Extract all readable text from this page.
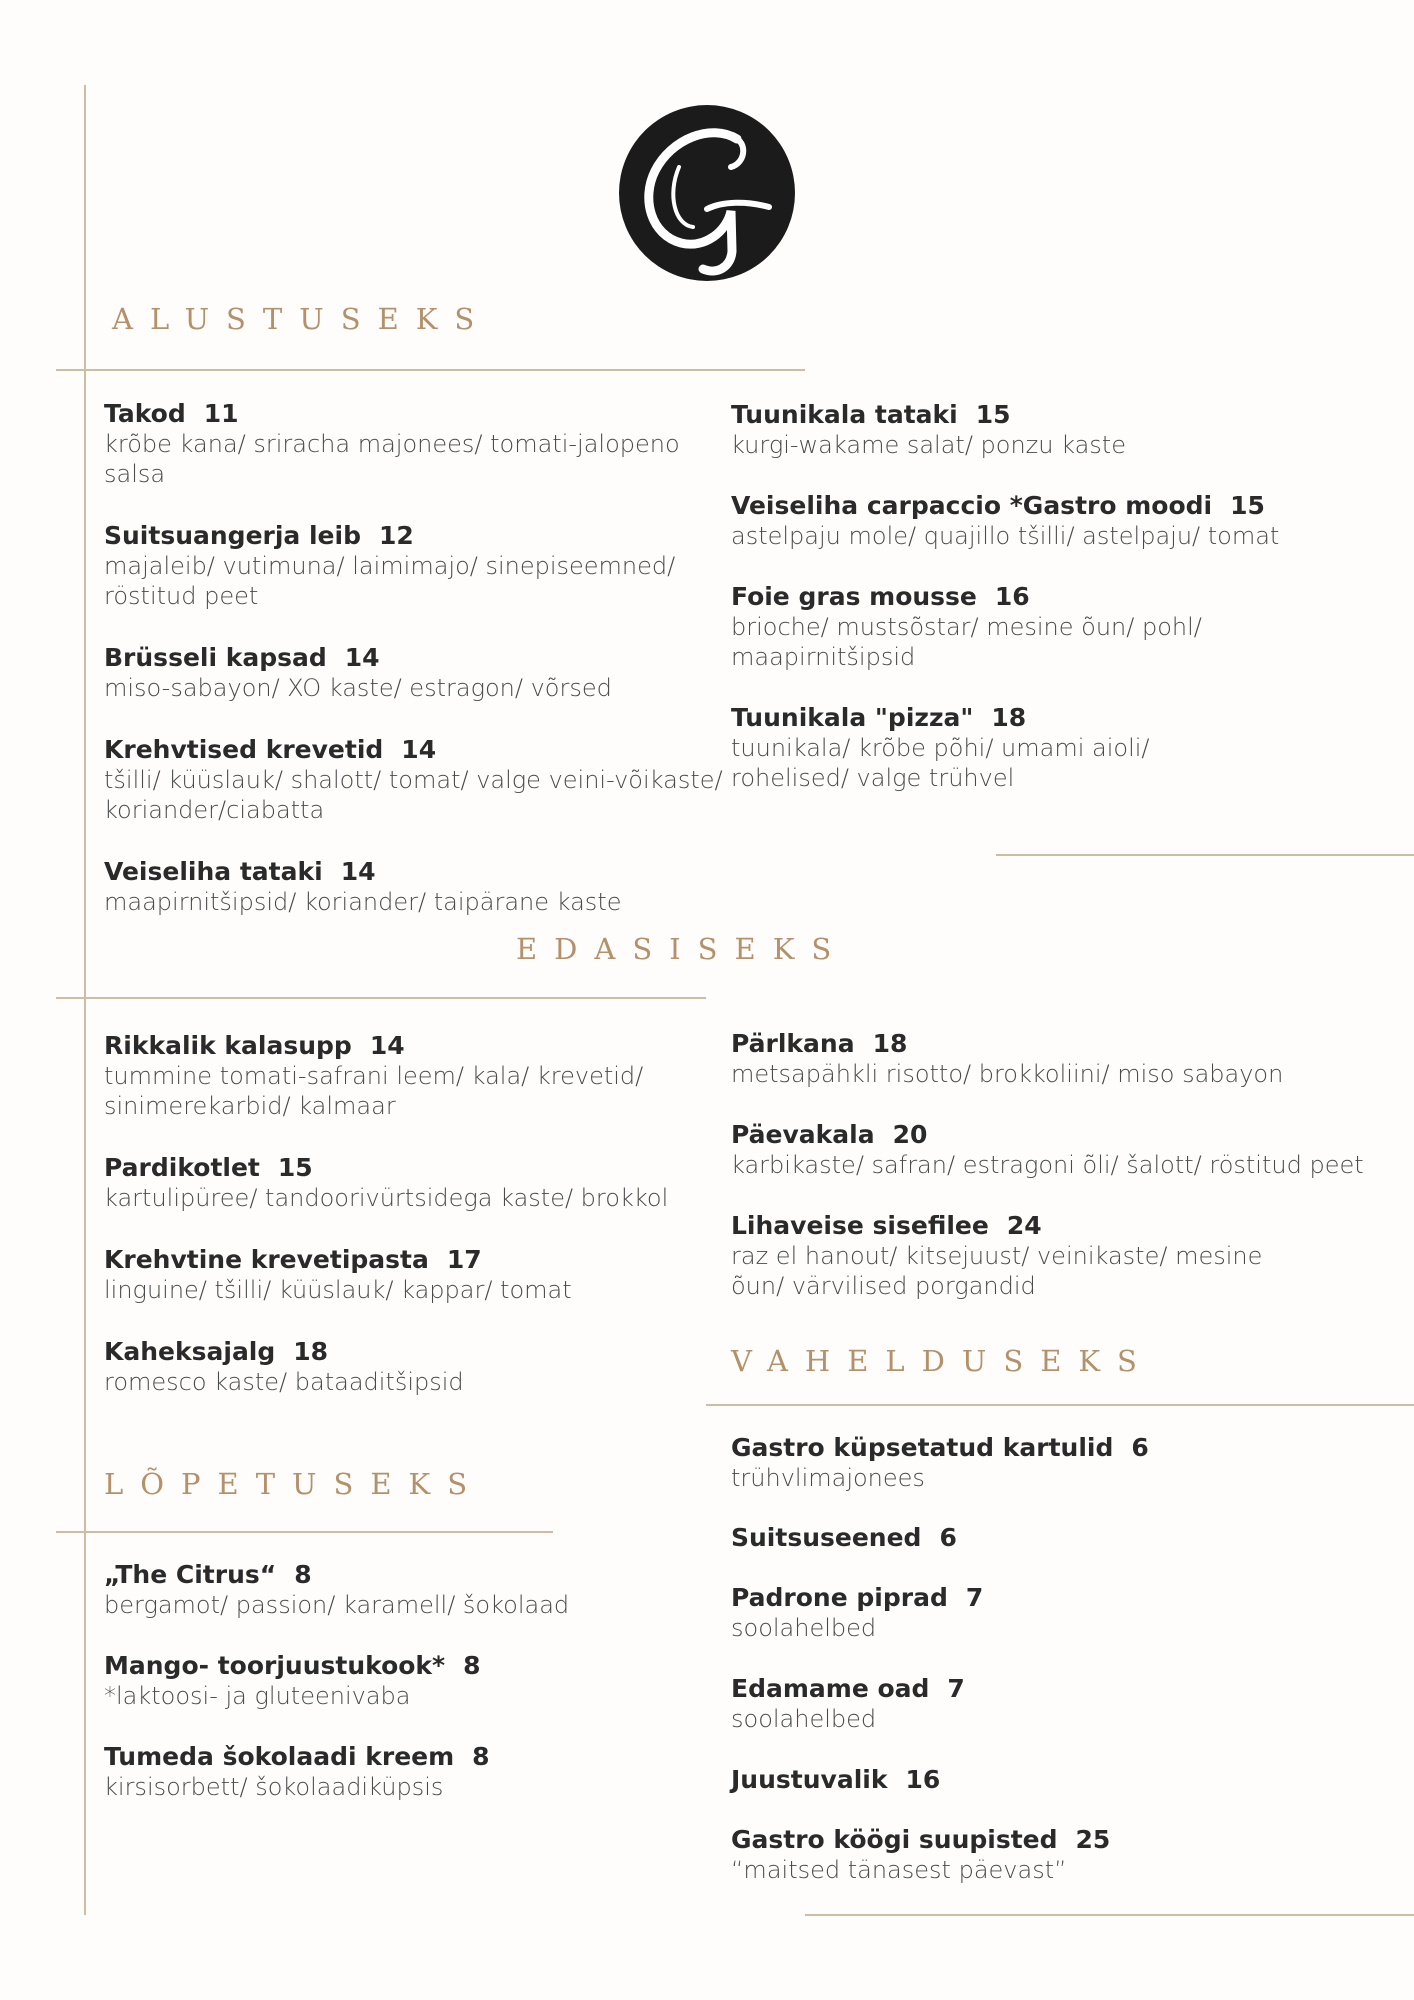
ALUSTUSEKS
Takod 11
krõbe kana/ sriracha majonees/ tomati-jalopeno salsa
Suitsuangerja leib 12
majaleib/ vutimuna/ laimimajo/ sinepiseemned/ röstitud peet
Brüsseli kapsad 14
miso-sabayon/ XO kaste/ estragon/ võrsed
Krehvtised krevetid 14
tšilli/ küüslauk/ shalott/ tomat/ valge veini-võikaste/ koriander/ciabatta
Veiseliha tataki 14
maapirnitšipsid/ koriander/ taipärane kaste
Tuunikala tataki 15
kurgi-wakame salat/ ponzu kaste
Veiseliha carpaccio *Gastro moodi 15
astelpaju mole/ quajillo tšilli/ astelpaju/ tomat
Foie gras mousse 16
brioche/ mustsõstar/ mesine õun/ pohl/ maapirnitšipsid
Tuunikala "pizza" 18
tuunikala/ krõbe põhi/ umami aioli/ rohelised/ valge trühvel
EDASISEKS
Rikkalik kalasupp 14
tummine tomati-safrani leem/ kala/ krevetid/ sinimerekarbid/ kalmaar
Pardikotlet 15
kartulipüree/ tandoorivürtsidega kaste/ brokkol
Krehvtine krevetipasta 17
linguine/ tšilli/ küüslauk/ kappar/ tomat
Kaheksajalg 18
romesco kaste/ bataaditšipsid
Pärlkana 18
metsapähkli risotto/ brokkoliini/ miso sabayon
Päevakala 20
karbikaste/ safran/ estragoni õli/ šalott/ röstitud peet
Lihaveise sisefilee 24
raz el hanout/ kitsejuust/ veinikaste/ mesine õun/ värvilised porgandid
VAHELDUSEKS
Gastro küpsetatud kartulid 6
trühvlimajonees
Suitsuseened 6
Padrone piprad 7
soolahelbed
Edamame oad 7
soolahelbed
Juustuvalik 16
Gastro köögi suupisted 25
“maitsed tänasest päevast”
LÕPETUSEKS
„The Citrus“ 8
bergamot/ passion/ karamell/ šokolaad
Mango- toorjuustukook* 8
*laktoosi- ja gluteenivaba
Tumeda šokolaadi kreem 8
kirsisorbett/ šokolaadiküpsis
